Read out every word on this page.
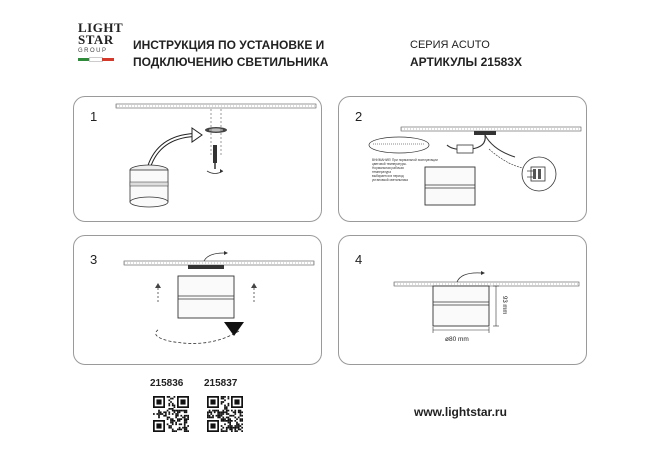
LIGHT
STAR
GROUP	ИНСТРУКЦИЯ ПО УСТАНОВКЕ И
ПОДКЛЮЧЕНИЮ СВЕТИЛЬНИКА
СЕРИЯ ACUTO
АРТИКУЛЫ 21583X
1	2
ВНИМАНИЕ! При нормальной эксплуатации
цветовой температуры.
Нормальная рабочая
температура
выбирается в период
установкой светильника
3	4
93 mm
ø80 mm
215836 215837
www.lightstar.ru
